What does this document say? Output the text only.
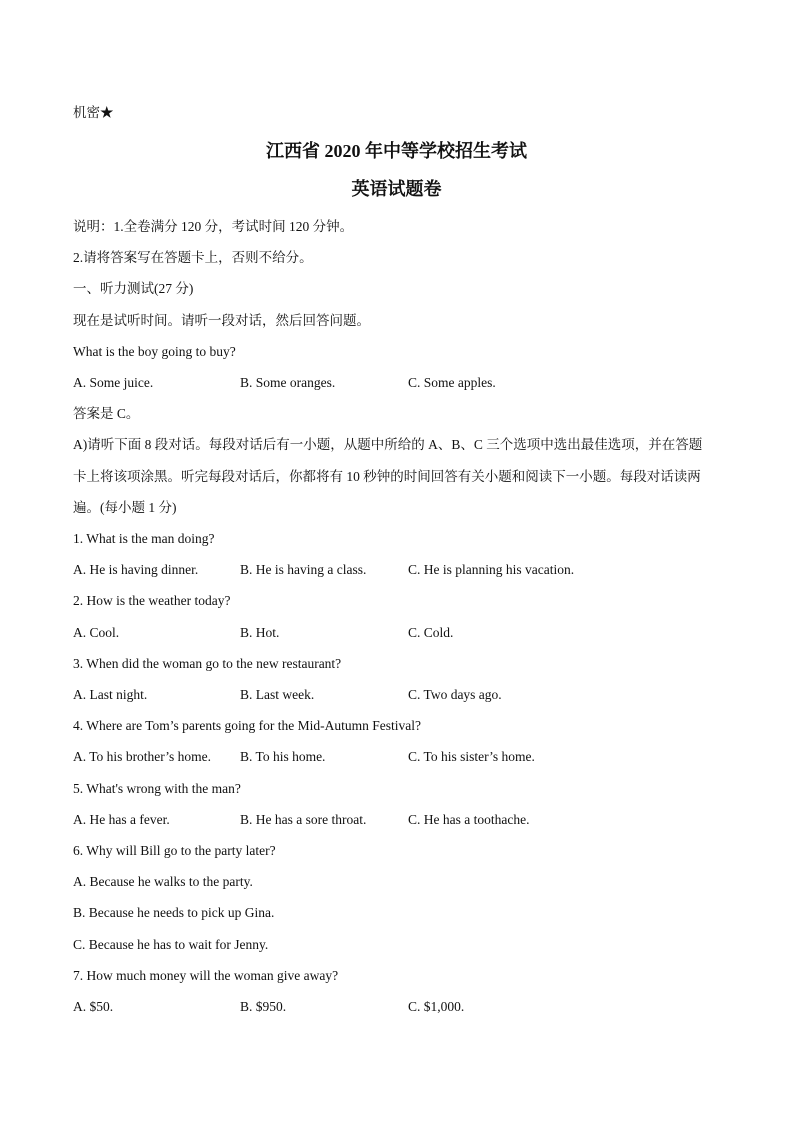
机密★
江西省 2020 年中等学校招生考试
英语试题卷
说明：1.全卷满分 120 分，考试时间 120 分钟。
2.请将答案写在答题卡上，否则不给分。
一、听力测试(27 分)
现在是试听时间。请听一段对话，然后回答问题。
What is the boy going to buy?
A. Some juice.	B. Some oranges.	C. Some apples.
答案是 C。
A)请听下面 8 段对话。每段对话后有一小题，从题中所给的 A、B、C 三个选项中选出最佳选项，并在答题
卡上将该项涂黑。听完每段对话后，你都将有 10 秒钟的时间回答有关小题和阅读下一小题。每段对话读两
遍。(每小题 1 分)
1. What is the man doing?
A. He is having dinner.	B. He is having a class.	C. He is planning his vacation.
2. How is the weather today?
A. Cool.	B. Hot.	C. Cold.
3. When did the woman go to the new restaurant?
A. Last night.	B. Last week.	C. Two days ago.
4. Where are Tom’s parents going for the Mid-Autumn Festival?
A. To his brother’s home. B. To his home.	C. To his sister’s home.
5. What's wrong with the man?
A. He has a fever.	B. He has a sore throat.	C. He has a toothache.
6. Why will Bill go to the party later?
A. Because he walks to the party.
B. Because he needs to pick up Gina.
C. Because he has to wait for Jenny.
7. How much money will the woman give away?
A. $50.	B. $950.	C. $1,000.
